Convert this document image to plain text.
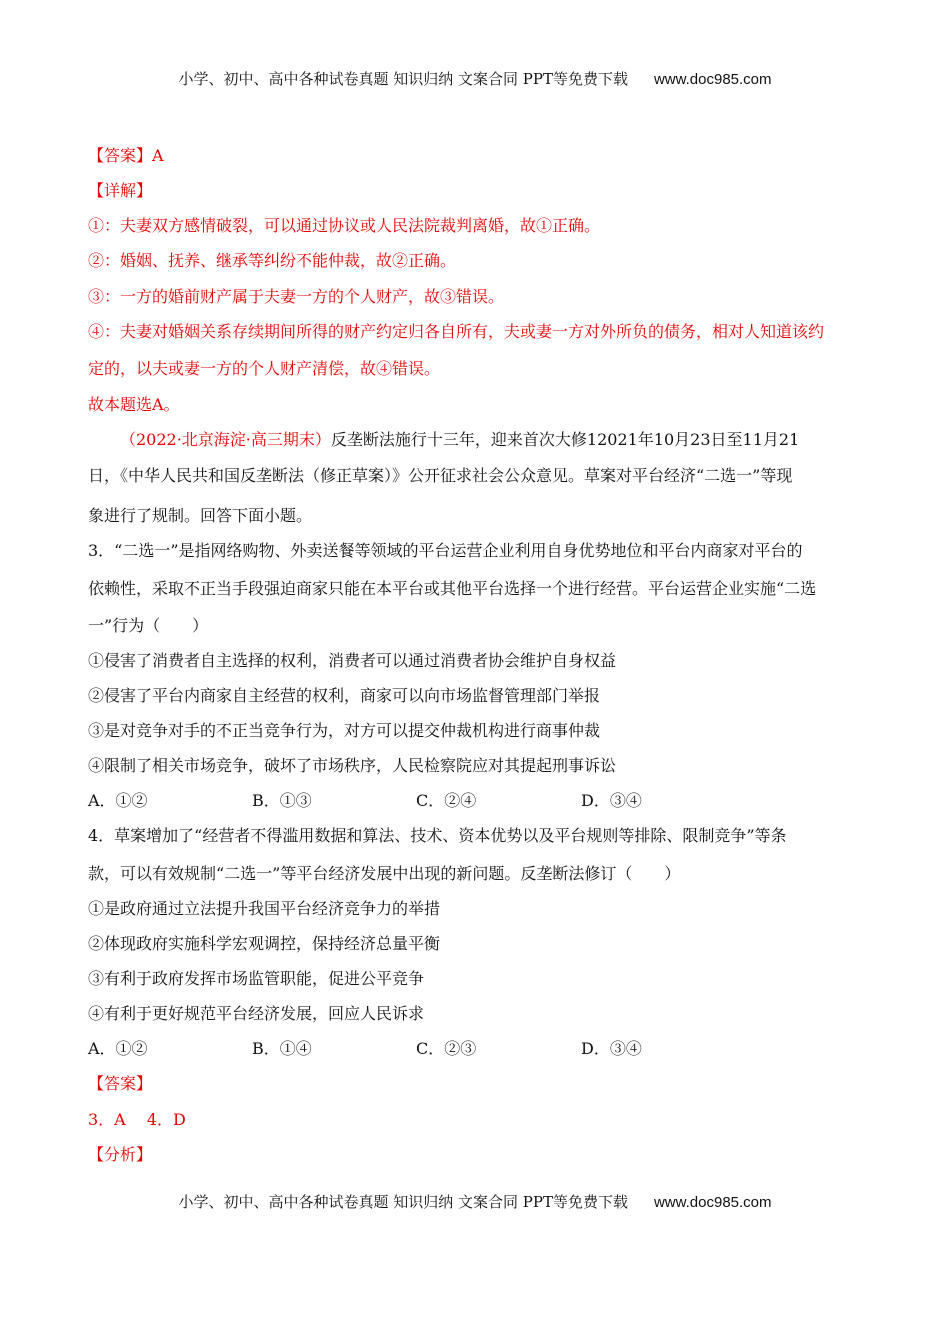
小学、初中、高中各种试卷真题 知识归纳 文案合同 PPT等免费下载 www.doc985.com
【答案】A
【详解】
①：夫妻双方感情破裂，可以通过协议或人民法院裁判离婚，故①正确。
②：婚姻、抚养、继承等纠纷不能仲裁，故②正确。
③：一方的婚前财产属于夫妻一方的个人财产，故③错误。
④：夫妻对婚姻关系存续期间所得的财产约定归各自所有，夫或妻一方对外所负的债务，相对人知道该约
定的，以夫或妻一方的个人财产清偿，故④错误。
故本题选A。
（2022·北京海淀·高三期末）反垄断法施行十三年，迎来首次大修12021年10月23日至11月21
日，《中华人民共和国反垄断法（修正草案）》公开征求社会公众意见。草案对平台经济“二选一”等现
象进行了规制。回答下面小题。
3．“二选一”是指网络购物、外卖送餐等领域的平台运营企业利用自身优势地位和平台内商家对平台的
依赖性，采取不正当手段强迫商家只能在本平台或其他平台选择一个进行经营。平台运营企业实施“二选
一”行为（　　）
①侵害了消费者自主选择的权利，消费者可以通过消费者协会维护自身权益
②侵害了平台内商家自主经营的权利，商家可以向市场监督管理部门举报
③是对竞争对手的不正当竞争行为，对方可以提交仲裁机构进行商事仲裁
④限制了相关市场竞争，破坏了市场秩序，人民检察院应对其提起刑事诉讼
A．①②	B．①③	C．②④	D．③④
4．草案增加了“经营者不得滥用数据和算法、技术、资本优势以及平台规则等排除、限制竞争”等条
款，可以有效规制“二选一”等平台经济发展中出现的新问题。反垄断法修订（　　）
①是政府通过立法提升我国平台经济竞争力的举措
②体现政府实施科学宏观调控，保持经济总量平衡
③有利于政府发挥市场监管职能，促进公平竞争
④有利于更好规范平台经济发展，回应人民诉求
A．①②	B．①④	C．②③	D．③④
【答案】
3．A　 4．D
【分析】
小学、初中、高中各种试卷真题 知识归纳 文案合同 PPT等免费下载 www.doc985.com
